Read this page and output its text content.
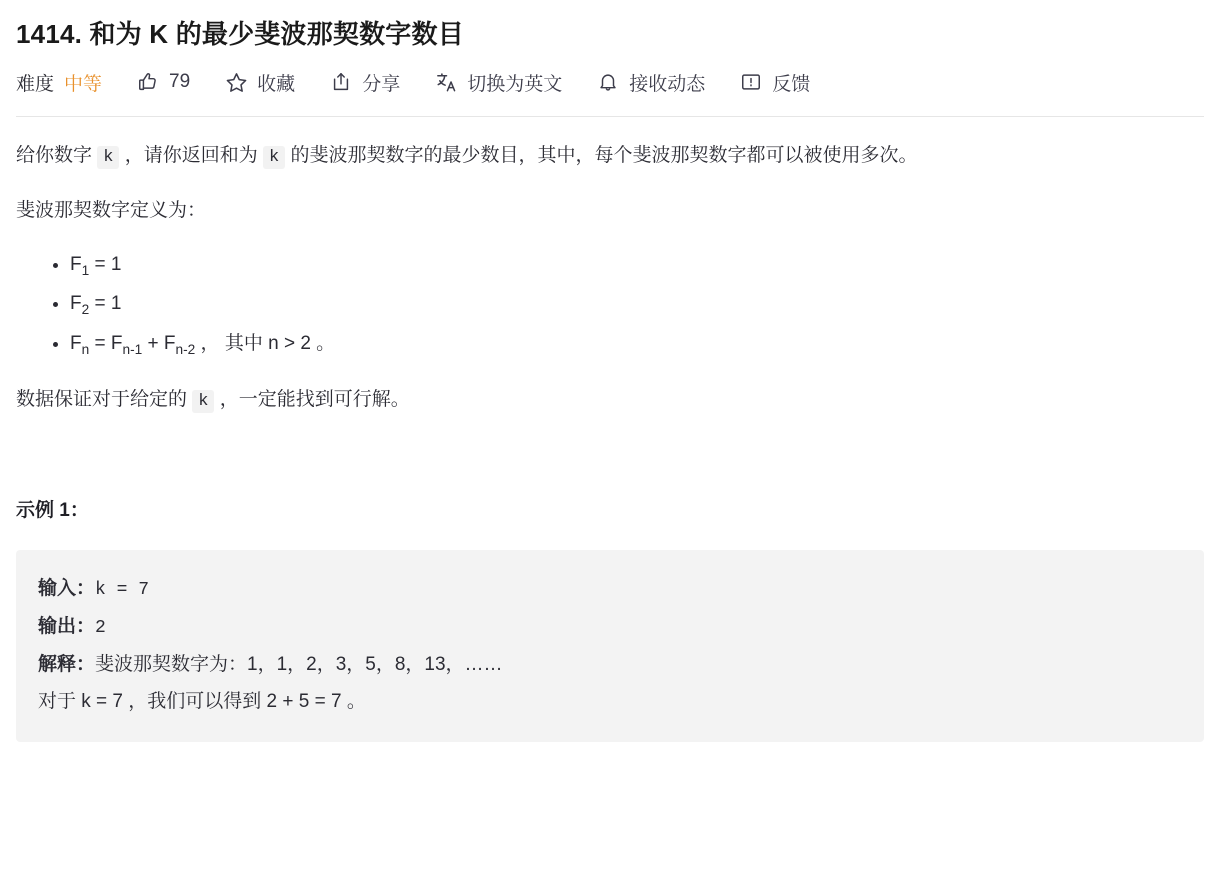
1414. 和为 K 的最少斐波那契数字数目
难度 中等	79	收藏	分享	切换为英文	接收动态	反馈

给你数字 k ，请你返回和为 k 的斐波那契数字的最少数目，其中，每个斐波那契数字都可以被使用多次。

斐波那契数字定义为：

• $F_1 = 1$
• $F_2 = 1$
• $F_n = F_{n-1} + F_{n-2}$ ， 其中 n > 2 。

数据保证对于给定的 k ，一定能找到可行解。

示例 1：
输入：k = 7
输出：2
解释：斐波那契数字为：1，1，2，3，5，8，13，……
对于 k = 7 ，我们可以得到 2 + 5 = 7 。
